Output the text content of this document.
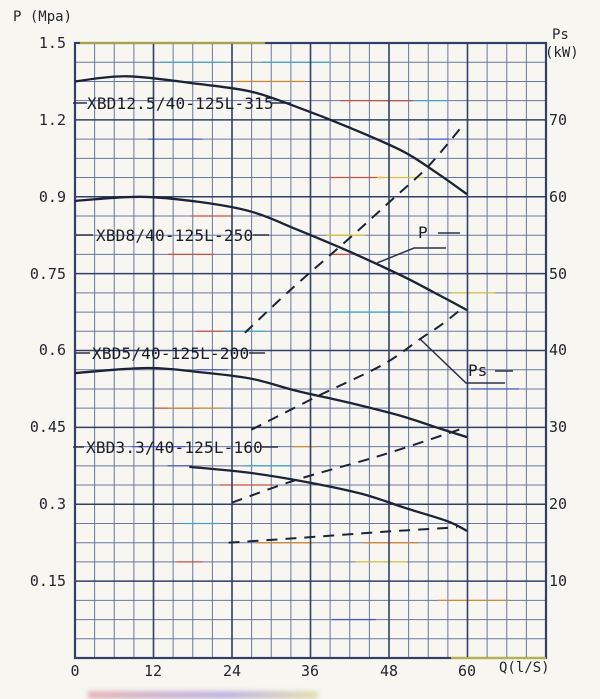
P (Mpa)
Ps
(kW)
Q(l/S)
1.5
1.2
0.9
0.75
0.6
0.45
0.3
0.15
70
60
50
40
30
20
10
0	12	24	36	48	60
XBD12.5/40-125L-315
XBD8/40-125L-250
XBD5/40-125L-200
XBD3.3/40-125L-160
P
Ps
